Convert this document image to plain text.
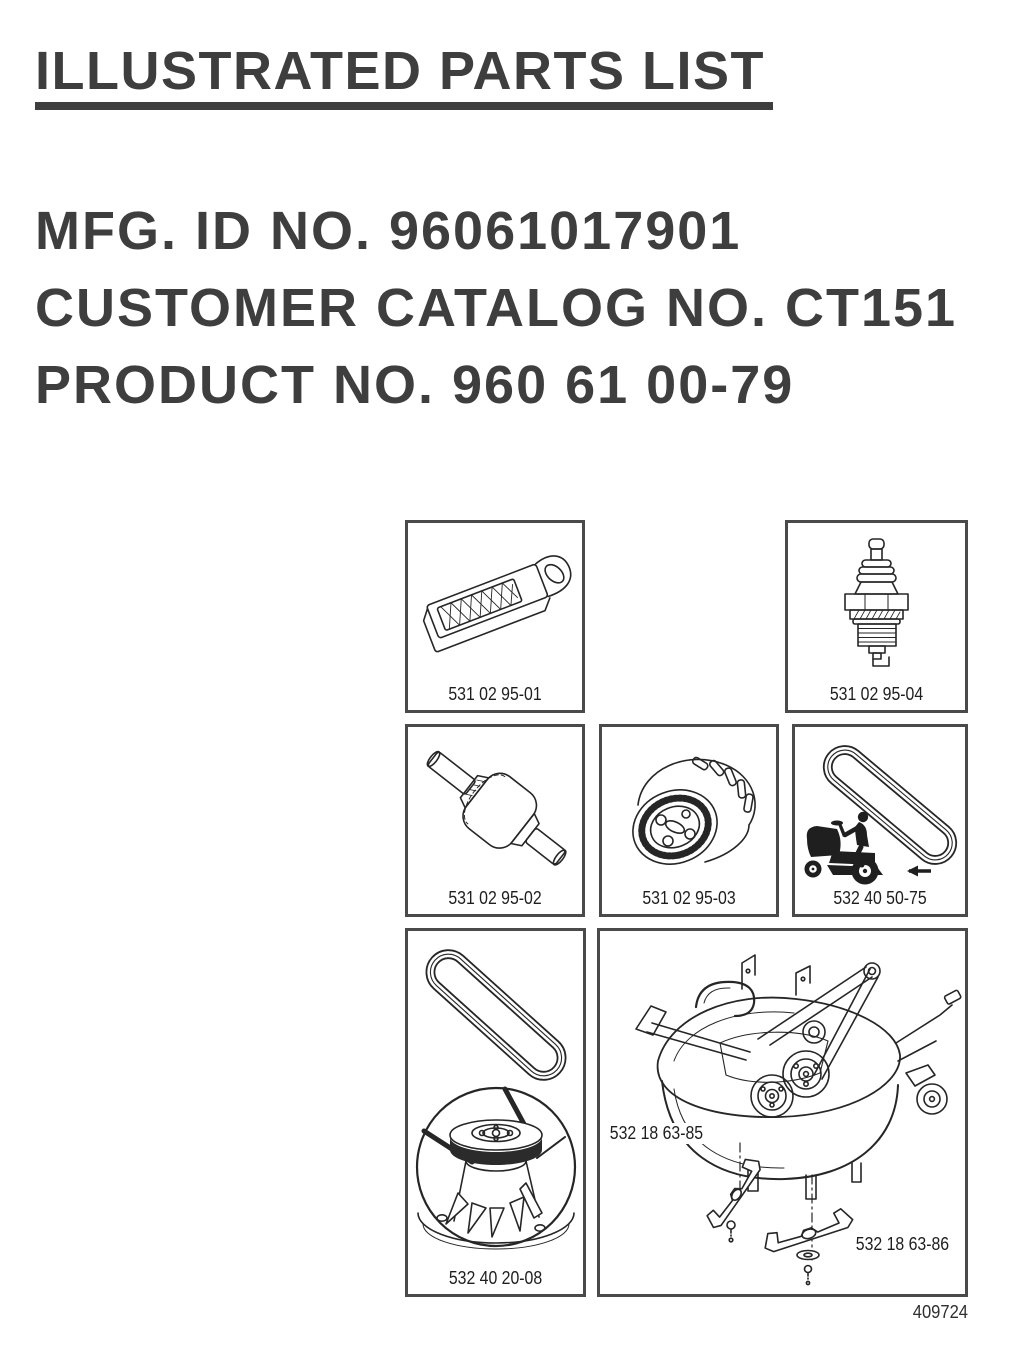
ILLUSTRATED PARTS LIST
MFG. ID NO. 96061017901
CUSTOMER CATALOG NO. CT151
PRODUCT NO. 960 61 00-79
531 02 95-01	531 02 95-04
531 02 95-02	531 02 95-03	532 40 50-75
532 40 20-08
532 18 63-85
532 18 63-86
409724
